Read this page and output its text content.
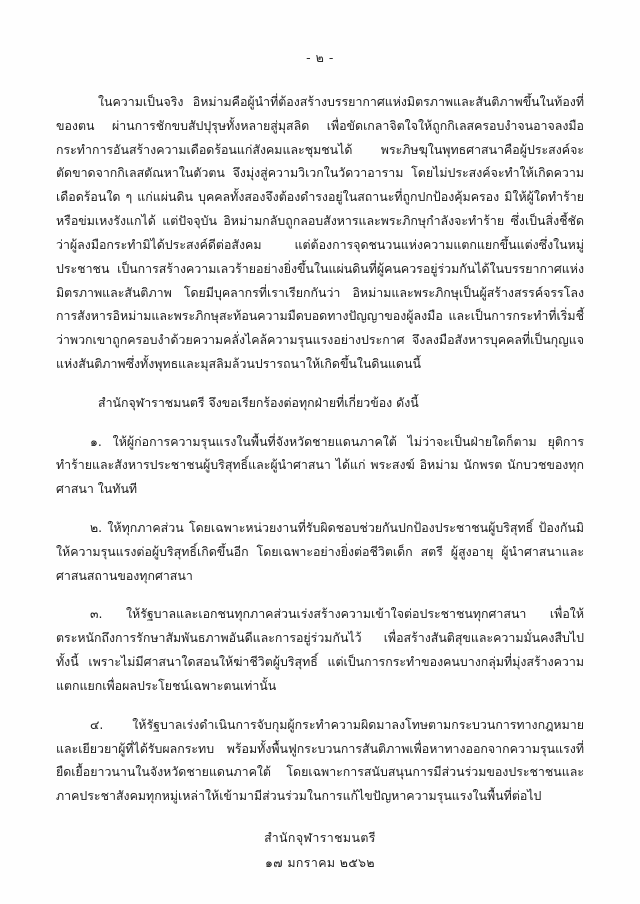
- ๒ -

ในความเป็นจริง อิหม่ามคือผู้นำที่ต้องสร้างบรรยากาศแห่งมิตรภาพและสันติภาพขึ้นในท้องที่ของตน ผ่านการชักขบสัปปุรุษทั้งหลายสู่มุสลิด เพื่อขัดเกลาจิตใจให้ถูกกิเลสครอบงำจนอาจลงมือกระทำการอันสร้างความเดือดร้อนแก่สังคมและชุมชนได้ พระภิษฆุในพุทธศาสนาคือผู้ประสงค์จะตัดขาดจากกิเลสตัณหาในตัวตน จึงมุ่งสู่ความวิเวกในวัดวาอาราม โดยไม่ประสงค์จะทำให้เกิดความเดือดร้อนใด ๆ แก่แผ่นดิน บุคคลทั้งสองจึงต้องดำรงอยู่ในสถานะที่ถูกปกป้องคุ้มครอง มิให้ผู้ใดทำร้ายหรือข่มเหงรังแกได้ แต่ปัจจุบัน อิหม่ามกลับถูกลอบสังหารและพระภิกษุกำลังจะทำร้าย ซึ่งเป็นสิ่งชี้ชัดว่าผู้ลงมือกระทำมิได้ประสงค์ดีต่อสังคม แต่ต้องการจุดชนวนแห่งความแตกแยกขึ้นแต่งซึ่งในหมู่ประชาชน เป็นการสร้างความเลวร้ายอย่างยิ่งขึ้นในแผ่นดินที่ผู้คนควรอยู่ร่วมกันได้ในบรรยากาศแห่งมิตรภาพและสันติภาพ โดยมีบุคลากรที่เราเรียกกันว่า อิหม่ามและพระภิกษุเป็นผู้สร้างสรรค์จรรโลง การสังหารอิหม่ามและพระภิกษุสะท้อนความมืดบอดทางปัญญาของผู้ลงมือ และเป็นการกระทำที่เริ่มชี้ว่าพวกเขาถูกครอบงำด้วยความคลั่งไคล้ความรุนแรงอย่างประกาศ จึงลงมือสังหารบุคคลที่เป็นกุญแจแห่งสันติภาพซึ่งทั้งพุทธและมุสลิมล้วนปรารถนาให้เกิดขึ้นในดินแดนนี้

สำนักจุฬาราชมนตรี จึงขอเรียกร้องต่อทุกฝ่ายที่เกี่ยวข้อง ดังนี้

๑. ให้ผู้ก่อการความรุนแรงในพื้นที่จังหวัดชายแดนภาคใต้ ไม่ว่าจะเป็นฝ่ายใดก็ตาม ยุติการทำร้ายและสังหารประชาชนผู้บริสุทธิ์และผู้นำศาสนา ได้แก่ พระสงฆ์ อิหม่าม นักพรต นักบวชของทุกศาสนา ในทันที

๒. ให้ทุกภาคส่วน โดยเฉพาะหน่วยงานที่รับผิดชอบช่วยกันปกป้องประชาชนผู้บริสุทธิ์ ป้องกันมิให้ความรุนแรงต่อผู้บริสุทธิ์เกิดขึ้นอีก โดยเฉพาะอย่างยิ่งต่อชีวิตเด็ก สตรี ผู้สูงอายุ ผู้นำศาสนาและศาสนสถานของทุกศาสนา

๓. ให้รัฐบาลและเอกชนทุกภาคส่วนเร่งสร้างความเข้าใจต่อประชาชนทุกศาสนา เพื่อให้ตระหนักถึงการรักษาสัมพันธภาพอันดีและการอยู่ร่วมกันไว้ เพื่อสร้างสันติสุขและความมั่นคงสืบไป ทั้งนี้ เพราะไม่มีศาสนาใดสอนให้ฆ่าชีวิตผู้บริสุทธิ์ แต่เป็นการกระทำของคนบางกลุ่มที่มุ่งสร้างความแตกแยกเพื่อผลประโยชน์เฉพาะตนเท่านั้น

๔. ให้รัฐบาลเร่งดำเนินการจับกุมผู้กระทำความผิดมาลงโทษตามกระบวนการทางกฎหมาย และเยียวยาผู้ที่ได้รับผลกระทบ พร้อมทั้งพื้นฟูกระบวนการสันติภาพเพื่อหาทางออกจากความรุนแรงที่ยืดเยื้อยาวนานในจังหวัดชายแดนภาคใต้ โดยเฉพาะการสนับสนุนการมีส่วนร่วมของประชาชนและภาคประชาสังคมทุกหมู่เหล่าให้เข้ามามีส่วนร่วมในการแก้ไขปัญหาความรุนแรงในพื้นที่ต่อไป

สำนักจุฬาราชมนตรี
๑๗ มกราคม ๒๕๖๒
